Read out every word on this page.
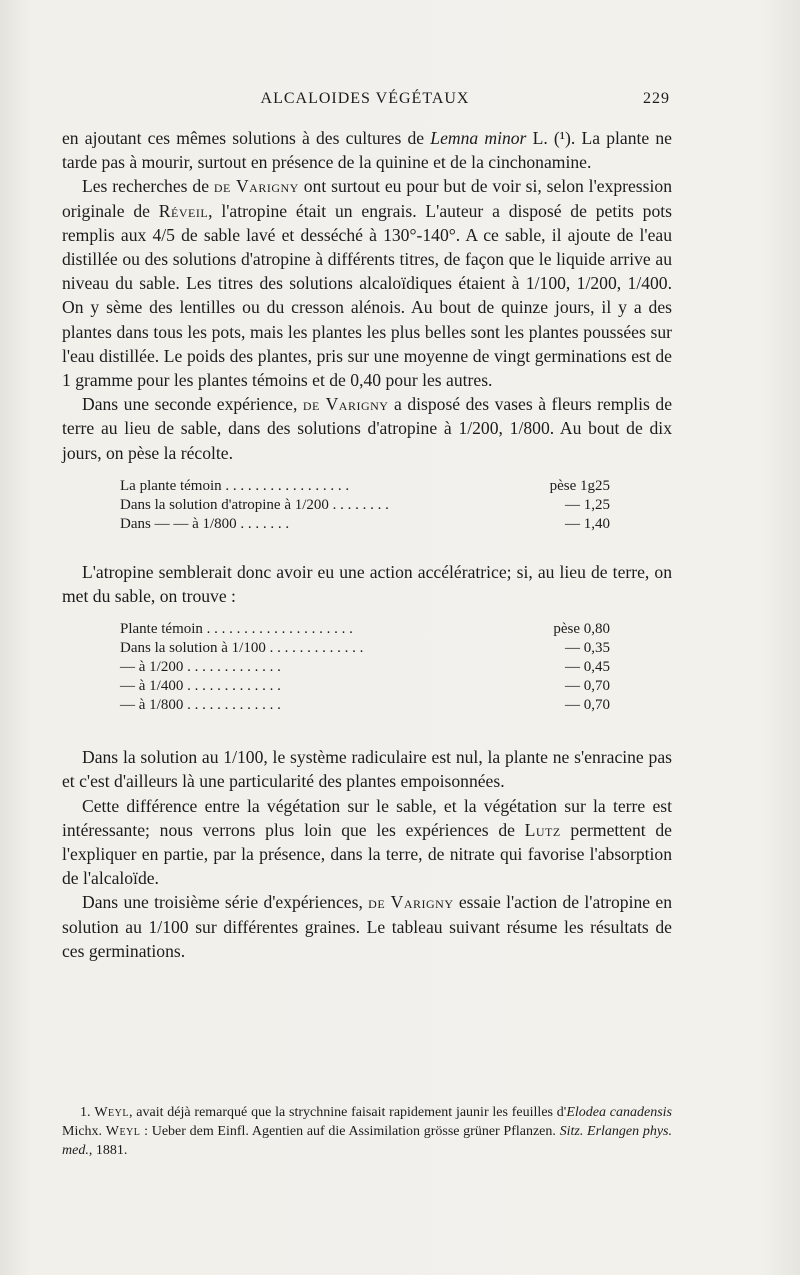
ALCALOIDES VÉGÉTAUX	229

en ajoutant ces mêmes solutions à des cultures de Lemna minor L. (¹). La plante ne tarde pas à mourir, surtout en présence de la quinine et de la cinchonamine.

Les recherches de de Varigny ont surtout eu pour but de voir si, selon l'expression originale de Réveil, l'atropine était un engrais. L'auteur a disposé de petits pots remplis aux 4/5 de sable lavé et desséché à 130°-140°. A ce sable, il ajoute de l'eau distillée ou des solutions d'atropine à différents titres, de façon que le liquide arrive au niveau du sable. Les titres des solutions alcaloïdiques étaient à 1/100, 1/200, 1/400. On y sème des lentilles ou du cresson alénois. Au bout de quinze jours, il y a des plantes dans tous les pots, mais les plantes les plus belles sont les plantes poussées sur l'eau distillée. Le poids des plantes, pris sur une moyenne de vingt germinations est de 1 gramme pour les plantes témoins et de 0,40 pour les autres.

Dans une seconde expérience, de Varigny a disposé des vases à fleurs remplis de terre au lieu de sable, dans des solutions d'atropine à 1/200, 1/800. Au bout de dix jours, on pèse la récolte.

La plante témoin . . . . . . . . . . . . . . . . .	pèse 1g25
Dans la solution d'atropine à 1/200 . . . . . . . .	— 1,25
Dans — — à 1/800 . . . . . . .	— 1,40

L'atropine semblerait donc avoir eu une action accélératrice; si, au lieu de terre, on met du sable, on trouve :

Plante témoin . . . . . . . . . . . . . . . . . . . .	pèse 0,80
Dans la solution à 1/100 . . . . . . . . . . . . .	— 0,35
— à 1/200 . . . . . . . . . . . . .	— 0,45
— à 1/400 . . . . . . . . . . . . .	— 0,70
— à 1/800 . . . . . . . . . . . . .	— 0,70

Dans la solution au 1/100, le système radiculaire est nul, la plante ne s'enracine pas et c'est d'ailleurs là une particularité des plantes empoisonnées.

Cette différence entre la végétation sur le sable, et la végétation sur la terre est intéressante; nous verrons plus loin que les expériences de Lutz permettent de l'expliquer en partie, par la présence, dans la terre, de nitrate qui favorise l'absorption de l'alcaloïde.

Dans une troisième série d'expériences, de Varigny essaie l'action de l'atropine en solution au 1/100 sur différentes graines. Le tableau suivant résume les résultats de ces germinations.

1. Weyl, avait déjà remarqué que la strychnine faisait rapidement jaunir les feuilles d'Elodea canadensis Michx. Weyl : Ueber dem Einfl. Agentien auf die Assimilation grösse grüner Pflanzen. Sitz. Erlangen phys. med., 1881.
